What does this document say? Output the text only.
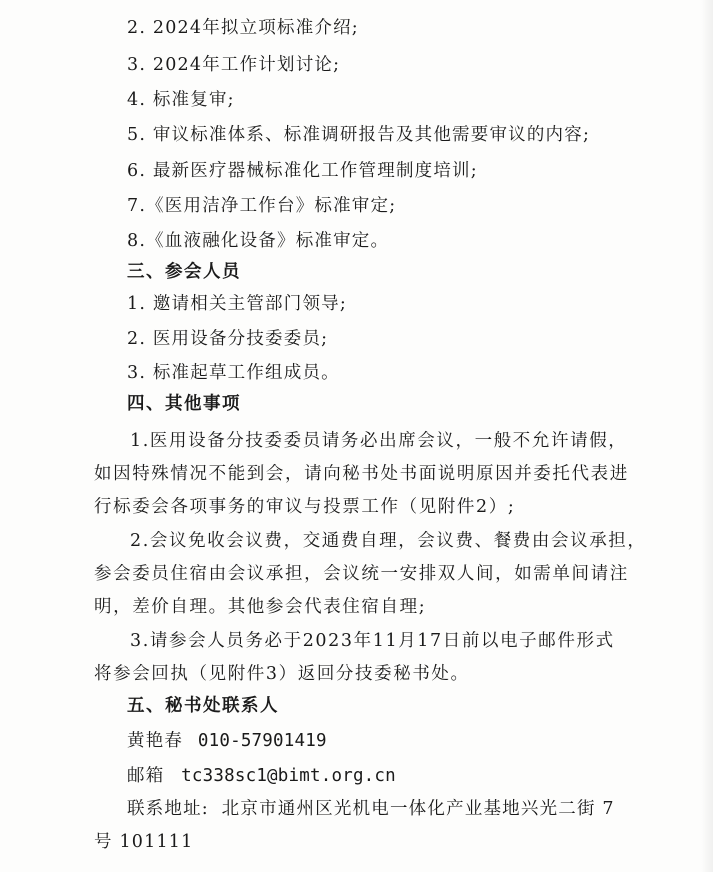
2. 2024年拟立项标准介绍;
3. 2024年工作计划讨论;
4. 标准复审;
5. 审议标准体系、标准调研报告及其他需要审议的内容;
6. 最新医疗器械标准化工作管理制度培训;
7.《医用洁净工作台》标准审定;
8.《血液融化设备》标准审定。
三、参会人员
1. 邀请相关主管部门领导;
2. 医用设备分技委委员;
3. 标准起草工作组成员。
四、其他事项
1.医用设备分技委委员请务必出席会议，一般不允许请假，
如因特殊情况不能到会，请向秘书处书面说明原因并委托代表进
行标委会各项事务的审议与投票工作（见附件2）;
2.会议免收会议费，交通费自理，会议费、餐费由会议承担，
参会委员住宿由会议承担，会议统一安排双人间，如需单间请注
明，差价自理。其他参会代表住宿自理;
3.请参会人员务必于2023年11月17日前以电子邮件形式
将参会回执（见附件3）返回分技委秘书处。
五、秘书处联系人
黄艳春 010-57901419
邮箱 tc338sc1@bimt.org.cn
联系地址: 北京市通州区光机电一体化产业基地兴光二街 7
号 101111
